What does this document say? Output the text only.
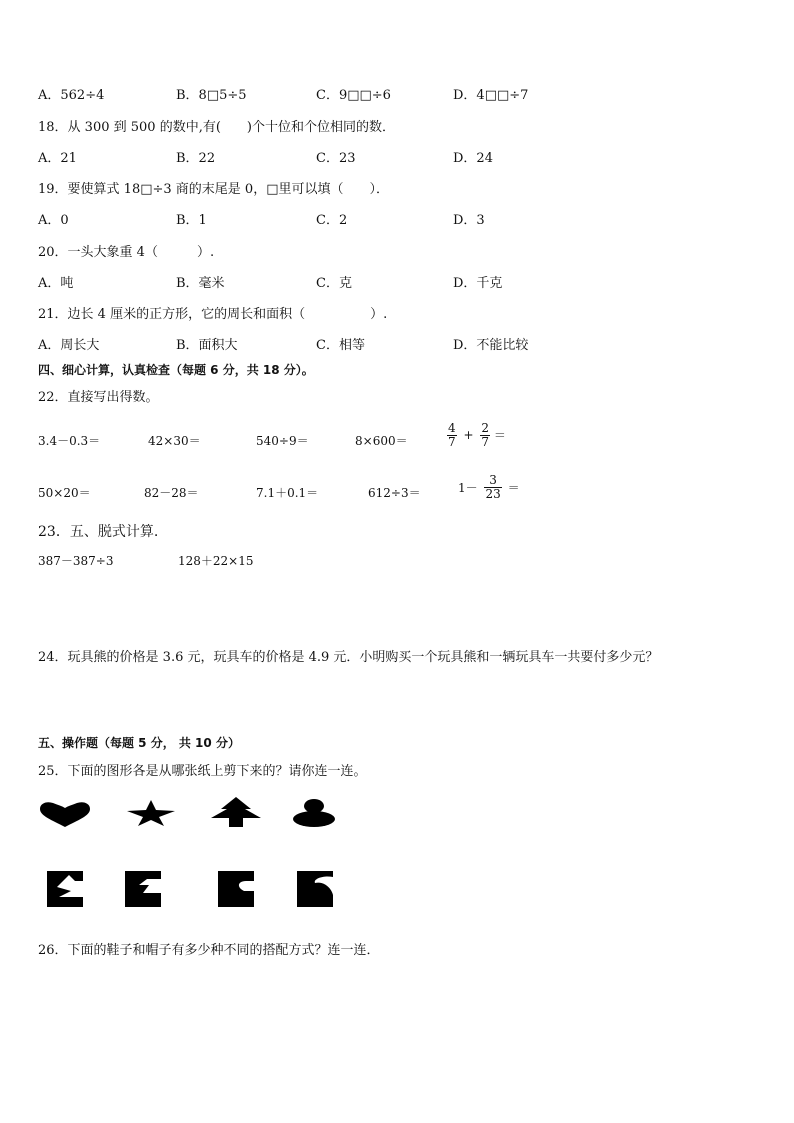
A．562÷4	B．8□5÷5	C．9□□÷6	D．4□□÷7
18．从 300 到 500 的数中,有(　　)个十位和个位相同的数．
A．21	B．22	C．23	D．24
19．要使算式 18□÷3 商的末尾是 0，□里可以填（　　）．
A．0	B．1	C．2	D．3
20．一头大象重 4（　　　）.
A．吨	B．毫米	C．克	D．千克
21．边长 4 厘米的正方形，它的周长和面积（　　　　　）.
A．周长大	B．面积大	C．相等	D．不能比较
四、细心计算，认真检查（每题 6 分，共 18 分）。
22．直接写出得数。
3.4－0.3＝	42×30＝	540÷9＝	8×600＝	$\frac{4}{7} + \frac{2}{7}$ ＝
50×20＝	82－28＝	7.1＋0.1＝	612÷3＝	$1- \frac{3}{23}$ ＝
23．五、脱式计算.
387－387÷3	128＋22×15
24．玩具熊的价格是 3.6 元，玩具车的价格是 4.9 元．小明购买一个玩具熊和一辆玩具车一共要付多少元？
五、操作题（每题 5 分， 共 10 分）
25．下面的图形各是从哪张纸上剪下来的？请你连一连。
26．下面的鞋子和帽子有多少种不同的搭配方式？连一连．
